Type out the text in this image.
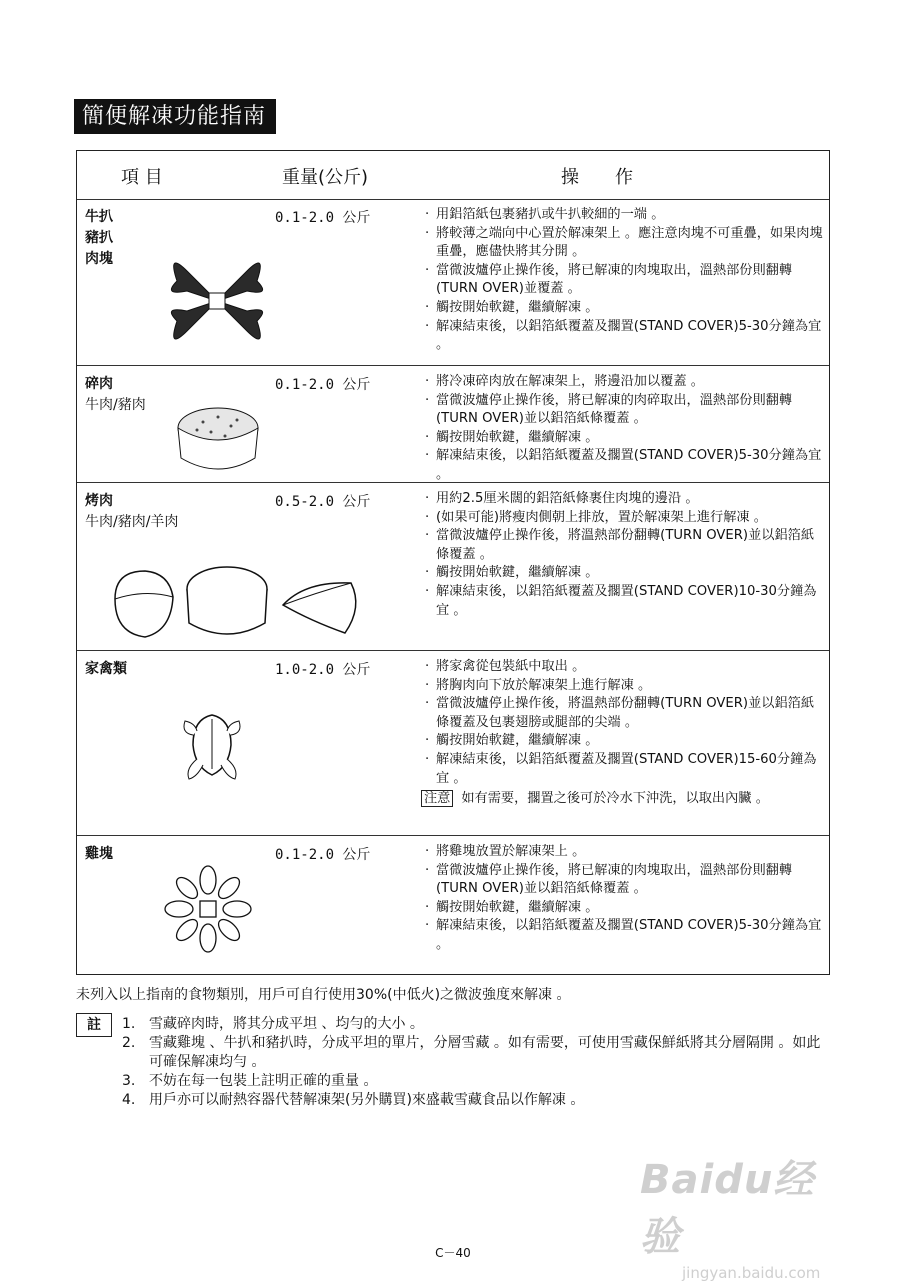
簡便解凍功能指南
項 目	重量(公斤)	操　　作
牛扒
豬扒
肉塊
0.1-2.0 公斤	· 用鋁箔紙包裹豬扒或牛扒較細的一端 。
· 將較薄之端向中心置於解凍架上 。應注意肉塊不可重疊，如果肉塊重疊，應儘快將其分開 。
· 當微波爐停止操作後，將已解凍的肉塊取出，溫熱部份則翻轉(TURN OVER)並覆蓋 。
· 觸按開始軟鍵，繼續解凍 。
· 解凍結束後，以鋁箔紙覆蓋及擱置(STAND COVER)5-30分鐘為宜 。
碎肉
牛肉/豬肉
0.1-2.0 公斤	· 將冷凍碎肉放在解凍架上，將邊沿加以覆蓋 。
· 當微波爐停止操作後，將已解凍的肉碎取出，溫熱部份則翻轉(TURN OVER)並以鋁箔紙條覆蓋 。
· 觸按開始軟鍵，繼續解凍 。
· 解凍結束後，以鋁箔紙覆蓋及擱置(STAND COVER)5-30分鐘為宜 。
烤肉
牛肉/豬肉/羊肉
0.5-2.0 公斤	· 用約2.5厘米闊的鋁箔紙條裹住肉塊的邊沿 。
· (如果可能)將瘦肉側朝上排放，置於解凍架上進行解凍 。
· 當微波爐停止操作後，將溫熱部份翻轉(TURN OVER)並以鋁箔紙條覆蓋 。
· 觸按開始軟鍵，繼續解凍 。
· 解凍結束後，以鋁箔紙覆蓋及擱置(STAND COVER)10-30分鐘為宜 。
家禽類	1.0-2.0 公斤	· 將家禽從包裝紙中取出 。
· 將胸肉向下放於解凍架上進行解凍 。
· 當微波爐停止操作後，將溫熱部份翻轉(TURN OVER)並以鋁箔紙條覆蓋及包裹翅膀或腿部的尖端 。
· 觸按開始軟鍵，繼續解凍 。
· 解凍結束後，以鋁箔紙覆蓋及擱置(STAND COVER)15-60分鐘為宜 。
注意 如有需要，擱置之後可於冷水下沖洗，以取出內臟 。
雞塊	0.1-2.0 公斤	· 將雞塊放置於解凍架上 。
· 當微波爐停止操作後，將已解凍的肉塊取出，溫熱部份則翻轉(TURN OVER)並以鋁箔紙條覆蓋 。
· 觸按開始軟鍵，繼續解凍 。
· 解凍結束後，以鋁箔紙覆蓋及擱置(STAND COVER)5-30分鐘為宜 。
未列入以上指南的食物類別，用戶可自行使用30%(中低火)之微波強度來解凍 。
註	1. 雪藏碎肉時，將其分成平坦 、均勻的大小 。
2. 雪藏雞塊 、牛扒和豬扒時，分成平坦的單片，分層雪藏 。如有需要，可使用雪藏保鮮紙將其分層隔開 。如此可確保解凍均勻 。
3. 不妨在每一包裝上註明正確的重量 。
4. 用戶亦可以耐熱容器代替解凍架(另外購買)來盛載雪藏食品以作解凍 。
Baidu经验
jingyan.baidu.com
C－40
